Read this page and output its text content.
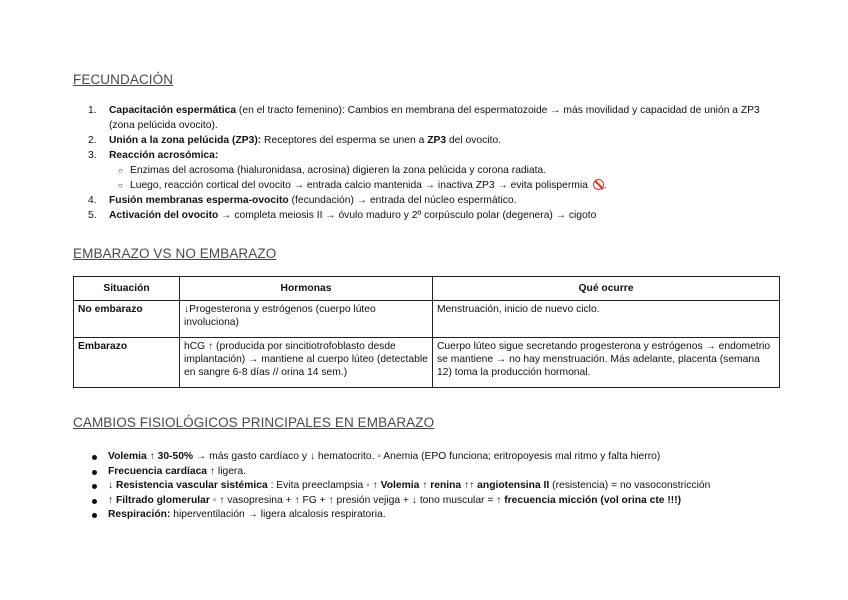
FECUNDACIÓN
1. Capacitación espermática (en el tracto femenino): Cambios en membrana del espermatozoide → más movilidad y capacidad de unión a ZP3 (zona pelúcida ovocito).
2. Unión a la zona pelúcida (ZP3): Receptores del esperma se unen a ZP3 del ovocito.
3. Reacción acrosómica:
○ Enzimas del acrosoma (hialuronidasa, acrosina) digieren la zona pelúcida y corona radiata.
○ Luego, reacción cortical del ovocito → entrada calcio mantenida → inactiva ZP3 → evita polispermia .
4. Fusión membranas esperma-ovocito (fecundación) → entrada del núcleo espermático.
5. Activación del ovocito → completa meiosis II → óvulo maduro y 2º corpúsculo polar (degenera) → cigoto
EMBARAZO VS NO EMBARAZO
Situación	Hormonas	Qué ocurre
No embarazo	↓Progesterona y estrógenos (cuerpo lúteo involuciona)	Menstruación, inicio de nuevo ciclo.
Embarazo	hCG ↑ (producida por sincitiotrofoblasto desde implantación) → mantiene al cuerpo lúteo (detectable en sangre 6-8 días // orina 14 sem.)	Cuerpo lúteo sigue secretando progesterona y estrógenos → endometrio se mantiene → no hay menstruación. Más adelante, placenta (semana 12) toma la producción hormonal.
CAMBIOS FISIOLÓGICOS PRINCIPALES EN EMBARAZO
Volemia ↑ 30-50% → más gasto cardíaco y ↓ hematocrito. ◦ Anemia (EPO funciona; eritropoyesis mal ritmo y falta hierro)
Frecuencia cardíaca ↑ ligera.
↓ Resistencia vascular sistémica : Evita preeclampsia ◦ ↑ Volemia ↑ renina ↑↑ angiotensina II (resistencia) = no vasoconstricción
↑ Filtrado glomerular ◦ ↑ vasopresina + ↑ FG + ↑ presión vejiga + ↓ tono muscular = ↑ frecuencia micción (vol orina cte !!!)
Respiración: hiperventilación → ligera alcalosis respiratoria.
